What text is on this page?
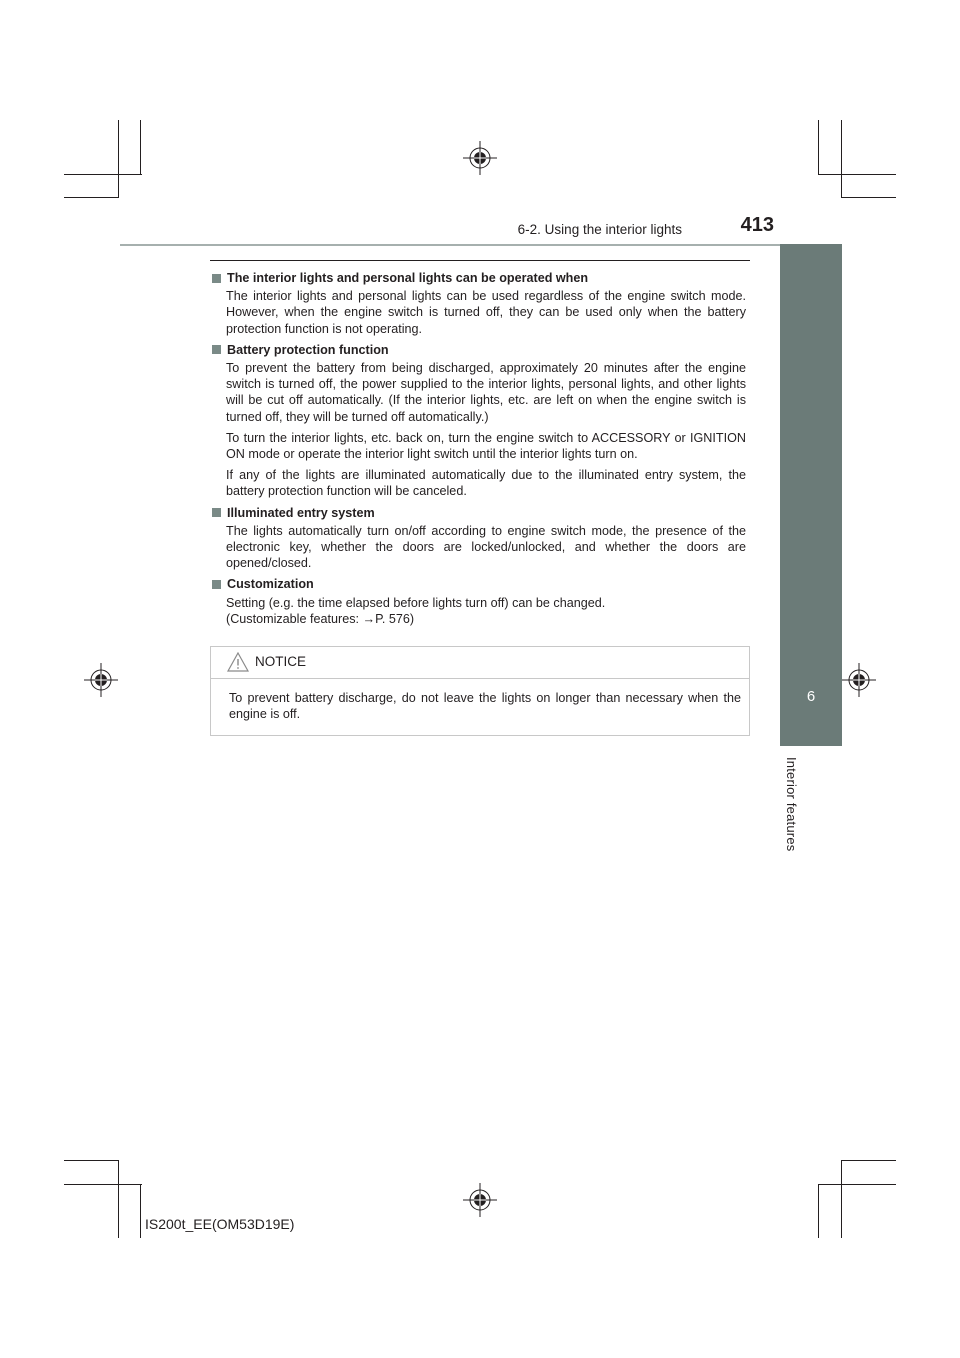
6-2. Using the interior lights	413
6
Interior features
The interior lights and personal lights can be operated when

The interior lights and personal lights can be used regardless of the engine switch mode. However, when the engine switch is turned off, they can be used only when the battery protection function is not operating.

Battery protection function

To prevent the battery from being discharged, approximately 20 minutes after the engine switch is turned off, the power supplied to the interior lights, personal lights, and other lights will be cut off automatically. (If the interior lights, etc. are left on when the engine switch is turned off, they will be turned off automatically.)

To turn the interior lights, etc. back on, turn the engine switch to ACCESSORY or IGNITION ON mode or operate the interior light switch until the interior lights turn on.

If any of the lights are illuminated automatically due to the illuminated entry system, the battery protection function will be canceled.

Illuminated entry system

The lights automatically turn on/off according to engine switch mode, the presence of the electronic key, whether the doors are locked/unlocked, and whether the doors are opened/closed.

Customization

Setting (e.g. the time elapsed before lights turn off) can be changed.

(Customizable features: →P. 576)

NOTICE
To prevent battery discharge, do not leave the lights on longer than necessary when the engine is off.
IS200t_EE(OM53D19E)
